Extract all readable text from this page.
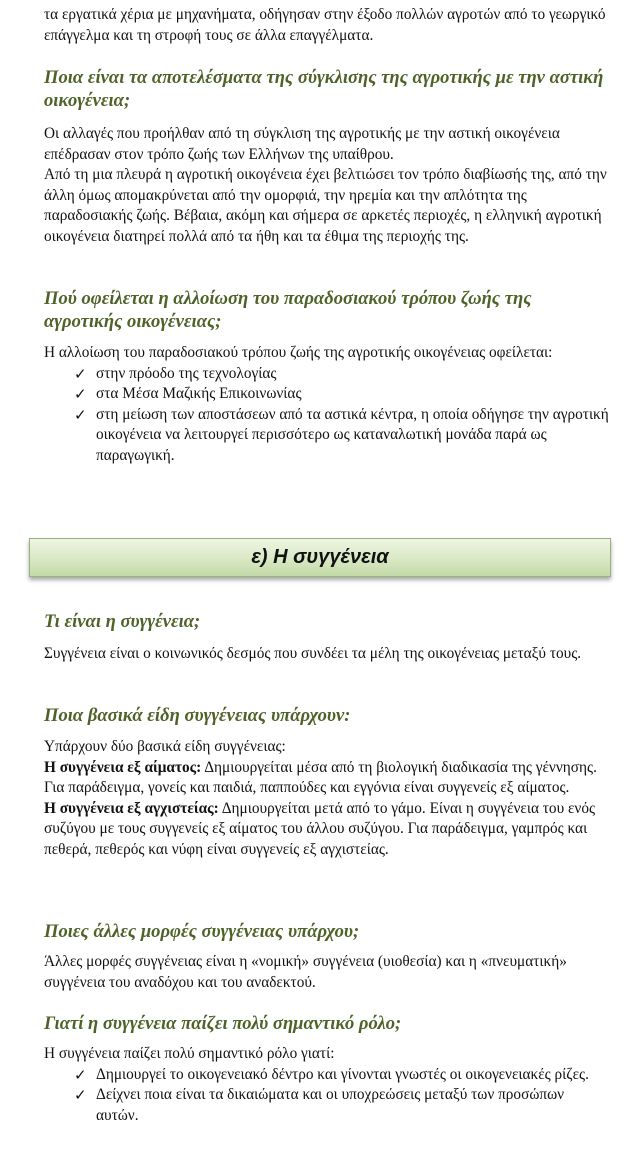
τα εργατικά χέρια με μηχανήματα, οδήγησαν στην έξοδο πολλών αγροτών από το γεωργικό επάγγελμα και τη στροφή τους σε άλλα επαγγέλματα.

Ποια είναι τα αποτελέσματα της σύγκλισης της αγροτικής με την αστική οικογένεια;

Οι αλλαγές που προήλθαν από τη σύγκλιση της αγροτικής με την αστική οικογένεια επέδρασαν στον τρόπο ζωής των Ελλήνων της υπαίθρου.

Από τη μια πλευρά η αγροτική οικογένεια έχει βελτιώσει τον τρόπο διαβίωσής της, από την άλλη όμως απομακρύνεται από την ομορφιά, την ηρεμία και την απλότητα της παραδοσιακής ζωής. Βέβαια, ακόμη και σήμερα σε αρκετές περιοχές, η ελληνική αγροτική οικογένεια διατηρεί πολλά από τα ήθη και τα έθιμα της περιοχής της.

Πού οφείλεται η αλλοίωση του παραδοσιακού τρόπου ζωής της αγροτικής οικογένειας;

Η αλλοίωση του παραδοσιακού τρόπου ζωής της αγροτικής οικογένειας οφείλεται:

✓ στην πρόοδο της τεχνολογίας
✓ στα Μέσα Μαζικής Επικοινωνίας
✓ στη μείωση των αποστάσεων από τα αστικά κέντρα, η οποία οδήγησε την αγροτική οικογένεια να λειτουργεί περισσότερο ως καταναλωτική μονάδα παρά ως παραγωγική.
ε) Η συγγένεια
Τι είναι η συγγένεια;

Συγγένεια είναι ο κοινωνικός δεσμός που συνδέει τα μέλη της οικογένειας μεταξύ τους.

Ποια βασικά είδη συγγένειας υπάρχουν:

Υπάρχουν δύο βασικά είδη συγγένειας:

Η συγγένεια εξ αίματος: Δημιουργείται μέσα από τη βιολογική διαδικασία της γέννησης. Για παράδειγμα, γονείς και παιδιά, παππούδες και εγγόνια είναι συγγενείς εξ αίματος.

Η συγγένεια εξ αγχιστείας: Δημιουργείται μετά από το γάμο. Είναι η συγγένεια του ενός συζύγου με τους συγγενείς εξ αίματος του άλλου συζύγου. Για παράδειγμα, γαμπρός και πεθερά, πεθερός και νύφη είναι συγγενείς εξ αγχιστείας.

Ποιες άλλες μορφές συγγένειας υπάρχου;

Άλλες μορφές συγγένειας είναι η «νομική» συγγένεια (υιοθεσία) και η «πνευματική» συγγένεια του αναδόχου και του αναδεκτού.

Γιατί η συγγένεια παίζει πολύ σημαντικό ρόλο;

Η συγγένεια παίζει πολύ σημαντικό ρόλο γιατί:

✓ Δημιουργεί το οικογενειακό δέντρο και γίνονται γνωστές οι οικογενειακές ρίζες.
✓ Δείχνει ποια είναι τα δικαιώματα και οι υποχρεώσεις μεταξύ των προσώπων αυτών.
